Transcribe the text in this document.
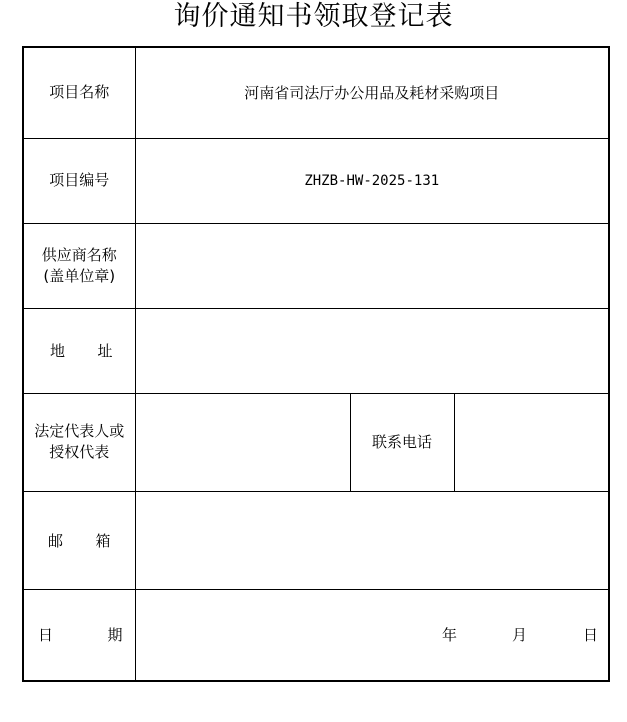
询价通知书领取登记表
项目名称	河南省司法厅办公用品及耗材采购项目		
项目编号	ZHZB-HW-2025-131		

供应商名称
(盖单位章)			

地 址			

法定代表人或
授权代表		联系电话	

邮 箱			

日 期	年 月 日		
